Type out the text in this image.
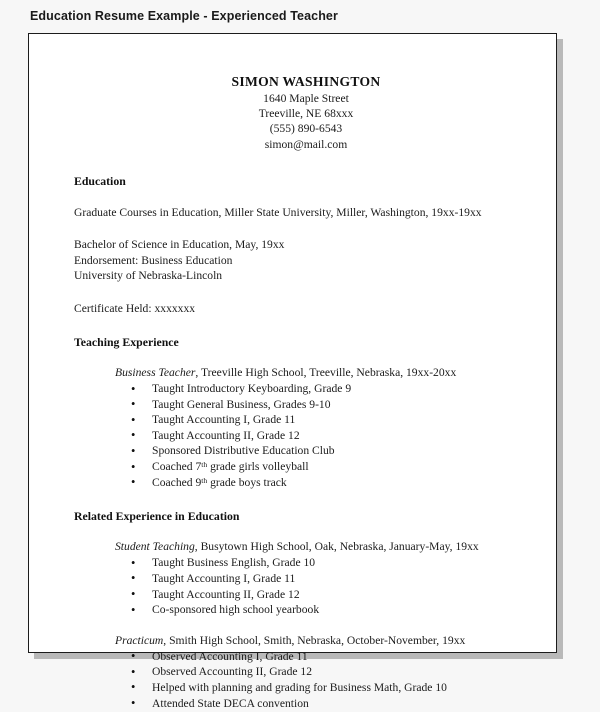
Education Resume Example - Experienced Teacher
SIMON WASHINGTON
1640 Maple Street
Treeville, NE 68xxx
(555) 890-6543
simon@mail.com
Education
Graduate Courses in Education, Miller State University, Miller, Washington, 19xx-19xx
Bachelor of Science in Education, May, 19xx
Endorsement: Business Education
University of Nebraska-Lincoln
Certificate Held: xxxxxxx
Teaching Experience
Business Teacher, Treeville High School, Treeville, Nebraska, 19xx-20xx
• Taught Introductory Keyboarding, Grade 9
• Taught General Business, Grades 9-10
• Taught Accounting I, Grade 11
• Taught Accounting II, Grade 12
• Sponsored Distributive Education Club
• Coached 7th grade girls volleyball
• Coached 9th grade boys track
Related Experience in Education
Student Teaching, Busytown High School, Oak, Nebraska, January-May, 19xx
• Taught Business English, Grade 10
• Taught Accounting I, Grade 11
• Taught Accounting II, Grade 12
• Co-sponsored high school yearbook
Practicum, Smith High School, Smith, Nebraska, October-November, 19xx
• Observed Accounting I, Grade 11
• Observed Accounting II, Grade 12
• Helped with planning and grading for Business Math, Grade 10
• Attended State DECA convention
